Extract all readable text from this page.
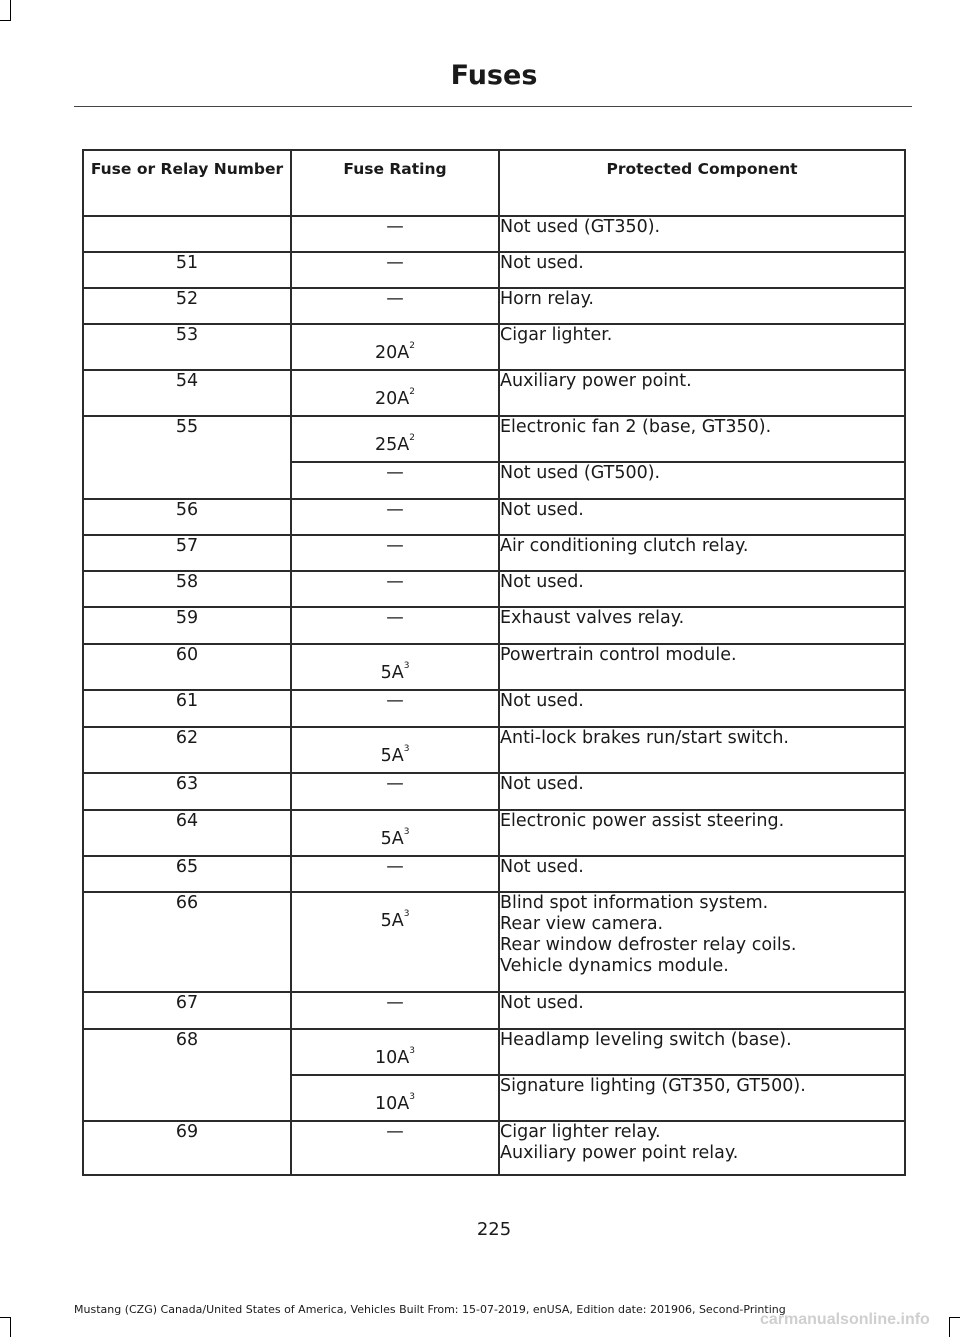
Fuses
Fuse or Relay Number	Fuse Rating	Protected Component
	—	Not used (GT350).

51	—	Not used.

52	—	Horn relay.

53	$20A^2$	Cigar lighter.

54	$20A^2$	Auxiliary power point.

55	$25A^2$	Electronic fan 2 (base, GT350).

	—	Not used (GT500).

56	—	Not used.

57	—	Air conditioning clutch relay.

58	—	Not used.

59	—	Exhaust valves relay.

60	$5A^3$	Powertrain control module.

61	—	Not used.

62	$5A^3$	Anti-lock brakes run/start switch.

63	—	Not used.

64	$5A^3$	Electronic power assist steering.

65	—	Not used.

66	$5A^3$	Blind spot information system.
Rear view camera.
Rear window defroster relay coils.
Vehicle dynamics module.

67	—	Not used.

68	$10A^3$	Headlamp leveling switch (base).

	$10A^3$	Signature lighting (GT350, GT500).

69	—	Cigar lighter relay.
Auxiliary power point relay.
225
Mustang (CZG) Canada/United States of America, Vehicles Built From: 15-07-2019, enUSA, Edition date: 201906, Second-Printing
carmanualsonline.info
